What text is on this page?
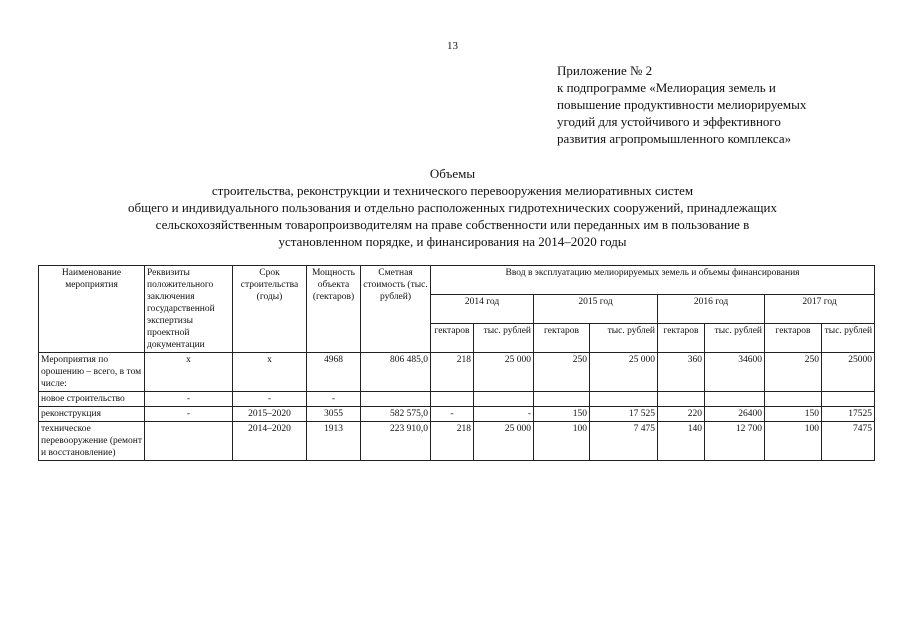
13
Приложение № 2
к подпрограмме «Мелиорация земель и
повышение продуктивности мелиорируемых
угодий для устойчивого и эффективного
развития агропромышленного комплекса»
Объемы
строительства, реконструкции и технического перевооружения мелиоративных систем
общего и индивидуального пользования и отдельно расположенных гидротехнических сооружений, принадлежащих
сельскохозяйственным товаропроизводителям на праве собственности или переданных им в пользование в
установленном порядке, и финансирования на 2014–2020 годы
Наименование мероприятия	Реквизиты положительного заключения государственной экспертизы проектной документации	Срок строительства (годы)	Мощность объекта (гектаров)	Сметная стоимость (тыс. рублей)	Ввод в эксплуатацию мелиорируемых земель и объемы финансирования							
					2014 год		2015 год		2016 год		2017 год	
					гектаров	тыс. рублей	гектаров	тыс. рублей	гектаров	тыс. рублей	гектаров	тыс. рублей
Мероприятия по орошению – всего, в том числе:	x	x	4968	806 485,0	218	25 000	250	25 000	360	34600	250	25000
новое строительство	-	-	-									
реконструкция	-	2015–2020	3055	582 575,0	-	-	150	17 525	220	26400	150	17525
техническое перевооружение (ремонт и восстановление)		2014–2020	1913	223 910,0	218	25 000	100	7 475	140	12 700	100	7475
